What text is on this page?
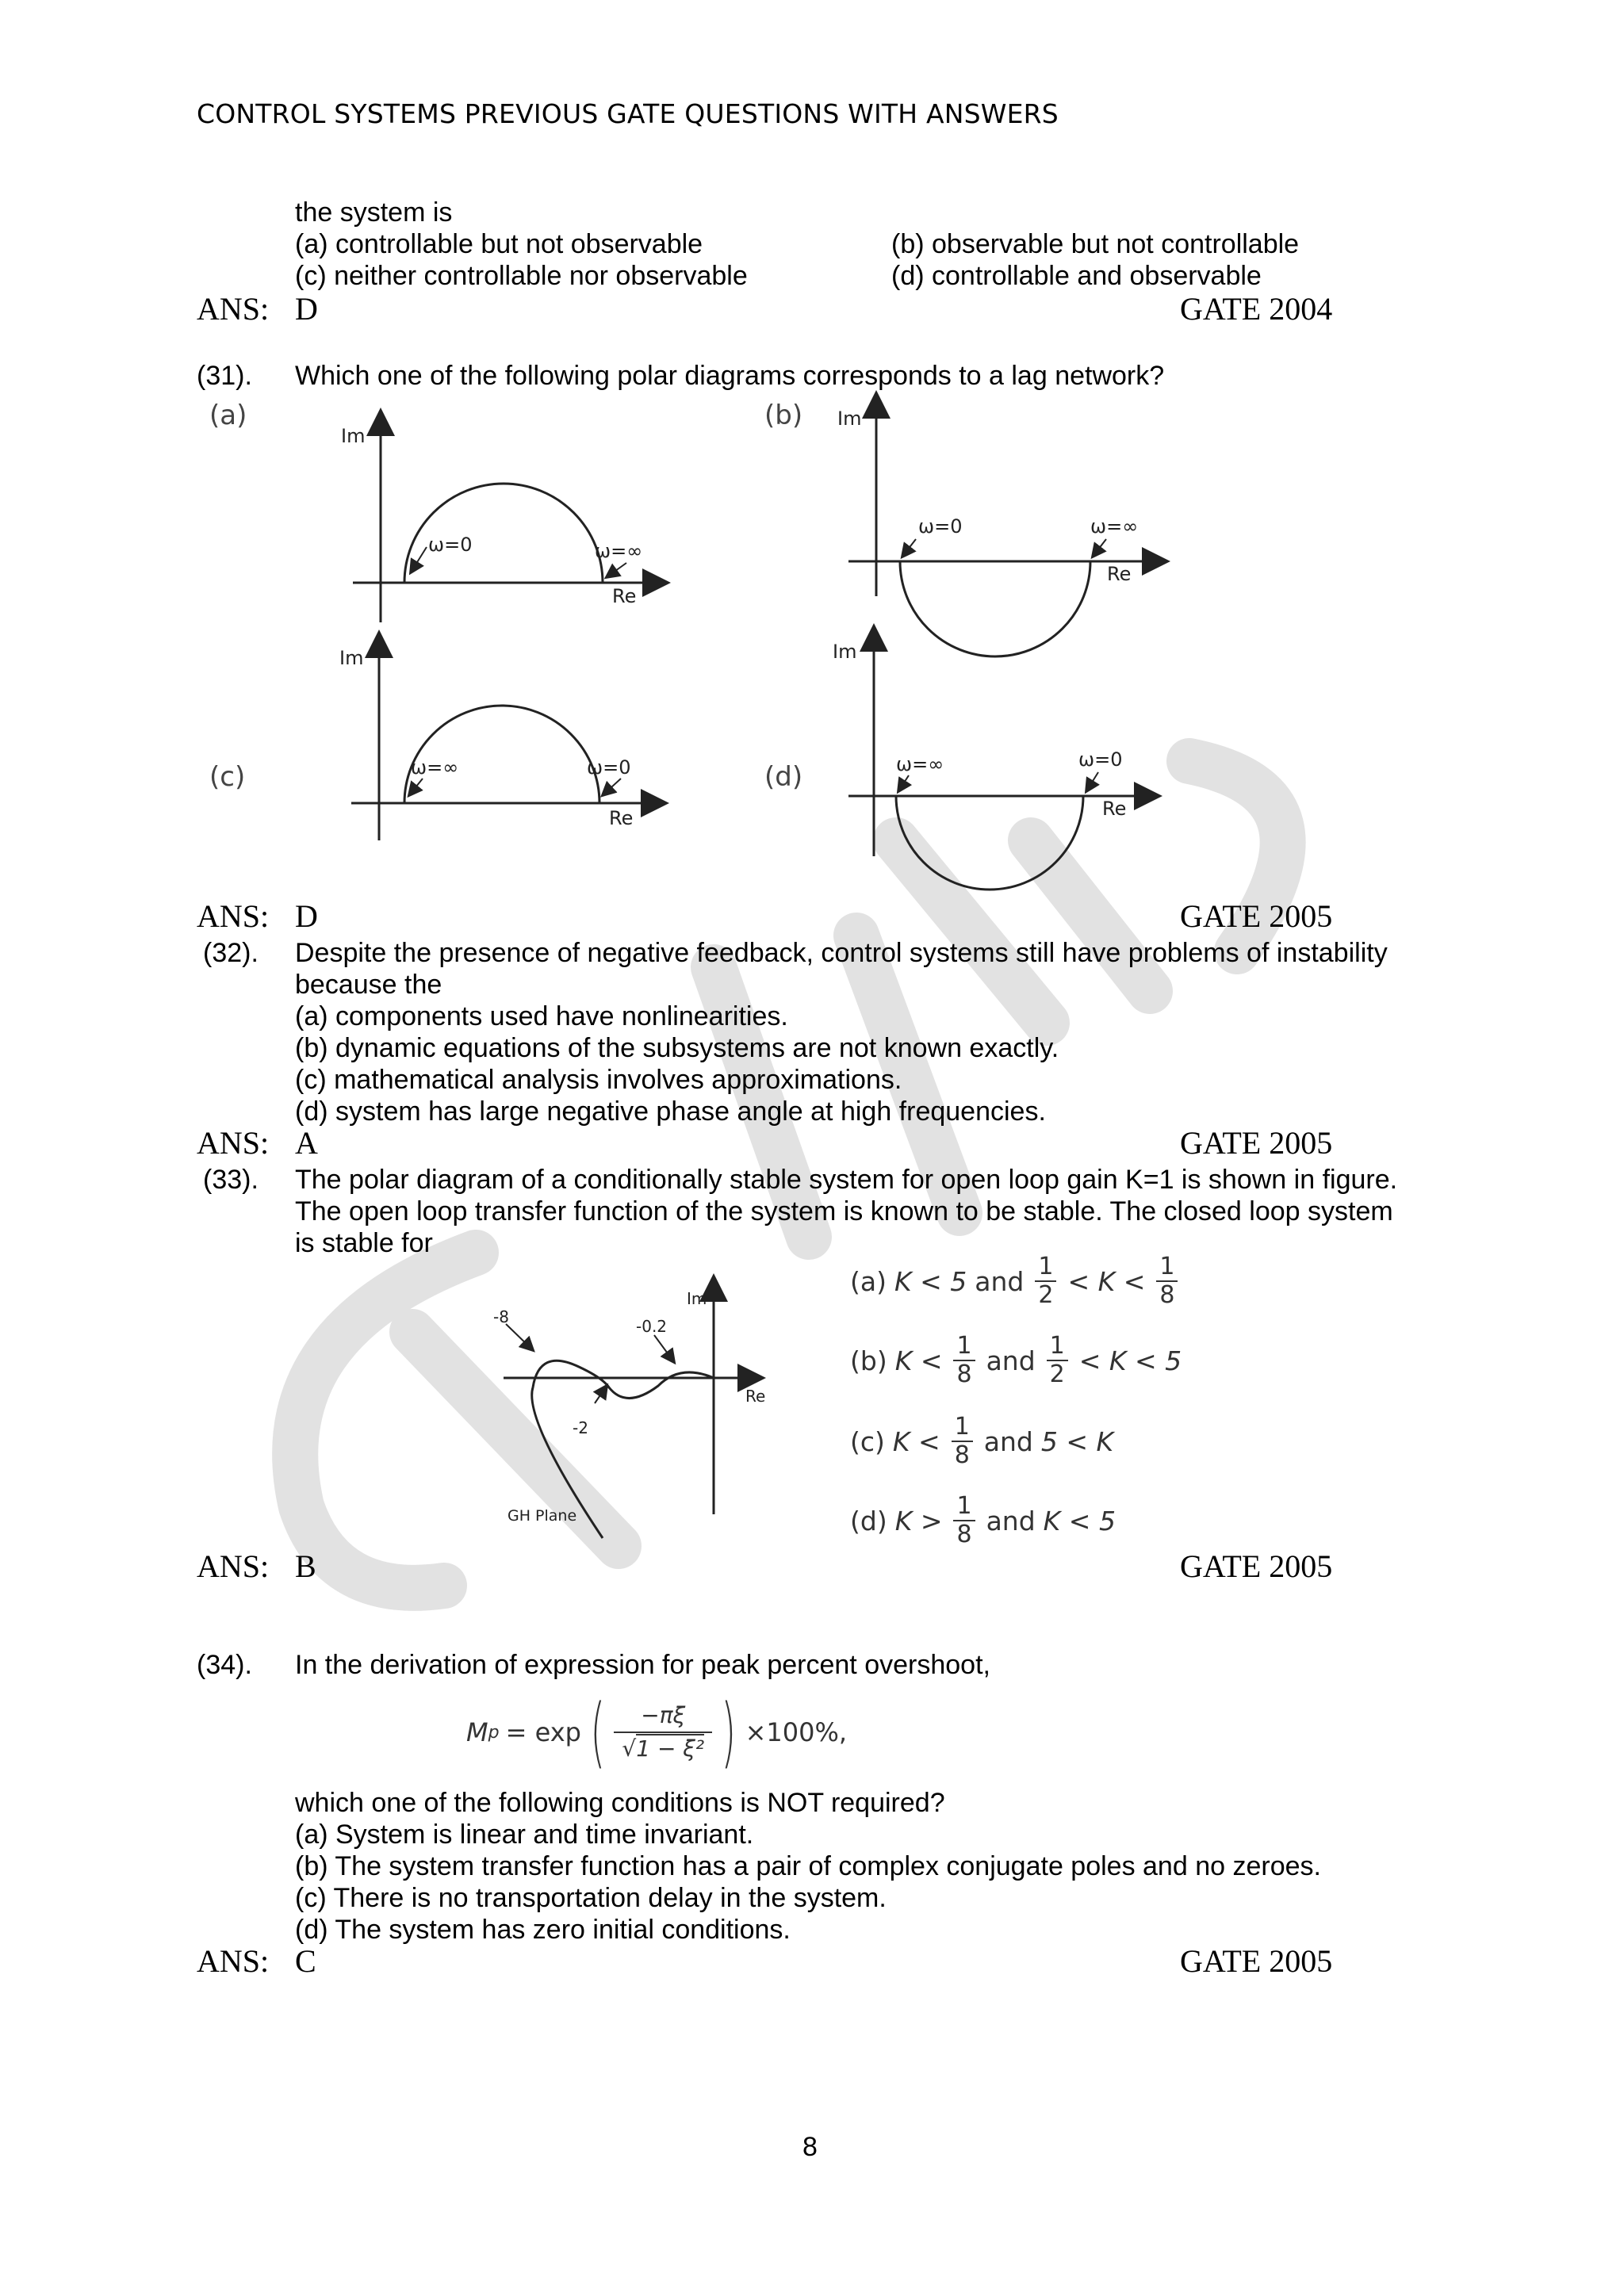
CONTROL SYSTEMS PREVIOUS GATE QUESTIONS WITH ANSWERS
the system is
(a) controllable but not observable	(b) observable but not controllable
(c) neither controllable nor observable	(d) controllable and observable
ANS: D	GATE 2004
(31). Which one of the following polar diagrams corresponds to a lag network?
(a)	(b)
(c)	(d)
Im
Re
ω=0	ω=∞
Im
Re
ω=0	ω=∞
Im
Re
ω=∞	ω=0
Im
Re
ω=∞	ω=0
ANS: D	GATE 2005
(32). Despite the presence of negative feedback, control systems still have problems of instability
because the
(a) components used have nonlinearities.
(b) dynamic equations of the subsystems are not known exactly.
(c) mathematical analysis involves approximations.
(d) system has large negative phase angle at high frequencies.
ANS: A	GATE 2005
(33). The polar diagram of a conditionally stable system for open loop gain K=1 is shown in figure.
The open loop transfer function of the system is known to be stable. The closed loop system
is stable for
Im
Re
-8	-0.2
-2
GH Plane
(a) K < 5 and $\frac{1}{2} < K < \frac{1}{8}$
(b) $K < \frac{1}{8}$ and $\frac{1}{2} < K < 5$
(c) $K < \frac{1}{8}$ and 5 < K
(d) $K > \frac{1}{8}$ and K < 5
ANS: B	GATE 2005
(34). In the derivation of expression for peak percent overshoot,
M p = exp (	−πξ
√1 − ξ² ) ×100%,
which one of the following conditions is NOT required?
(a) System is linear and time invariant.
(b) The system transfer function has a pair of complex conjugate poles and no zeroes.
(c) There is no transportation delay in the system.
(d) The system has zero initial conditions.
ANS: C	GATE 2005
8
